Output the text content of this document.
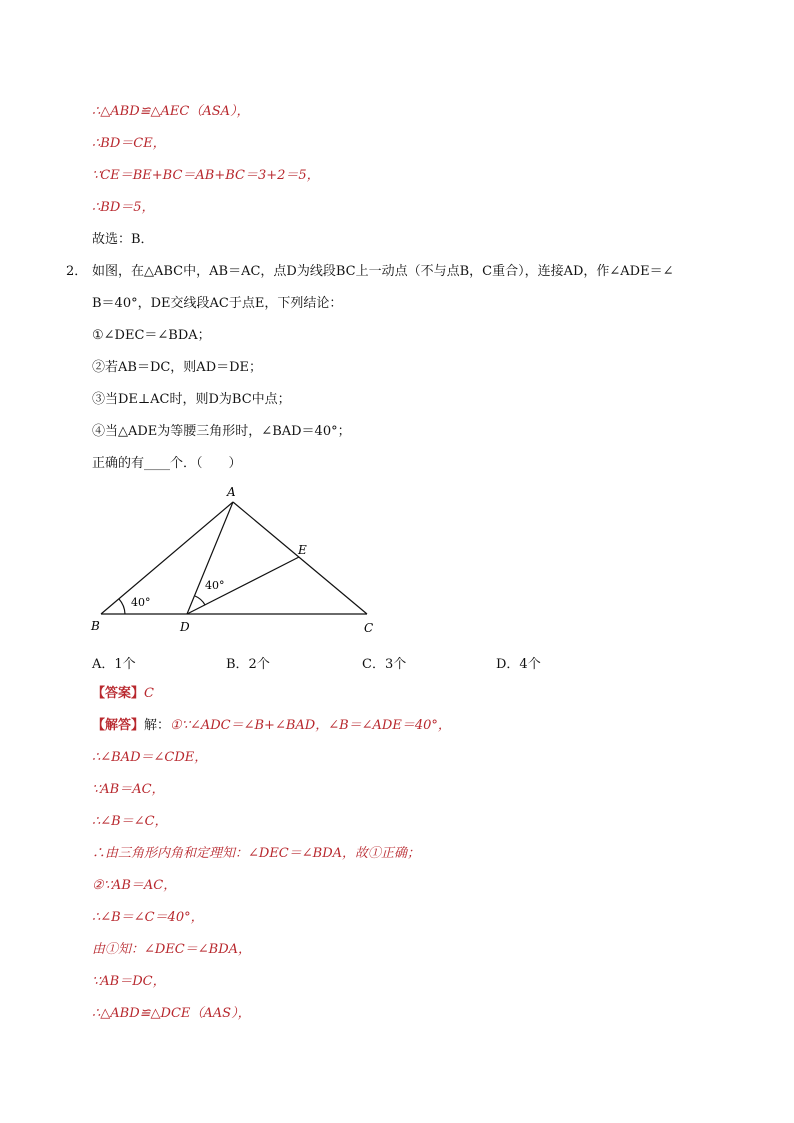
∴△ABD≌△AEC（ASA），
∴BD＝CE，
∵CE＝BE+BC＝AB+BC＝3+2＝5，
∴BD＝5，
故选：B．
2． 如图，在△ABC中，AB＝AC，点D为线段BC上一动点（不与点B，C重合），连接AD，作∠ADE＝∠
B＝40°，DE交线段AC于点E，下列结论：
①∠DEC＝∠BDA；
②若AB＝DC，则AD＝DE；
③当DE⊥AC时，则D为BC中点；
④当△ADE为等腰三角形时，∠BAD＝40°；
正确的有____个．（　　）
A
B	C
D
E
40°
40°
A．1个	B．2个	C．3个	D．4个
【答案】C
【解答】解：①∵∠ADC＝∠B+∠BAD，∠B＝∠ADE＝40°，
∴∠BAD＝∠CDE，
∵AB＝AC，
∴∠B＝∠C，
∴由三角形内角和定理知：∠DEC＝∠BDA，故①正确；
②∵AB＝AC，
∴∠B＝∠C＝40°，
由①知：∠DEC＝∠BDA，
∵AB＝DC，
∴△ABD≌△DCE（AAS），
